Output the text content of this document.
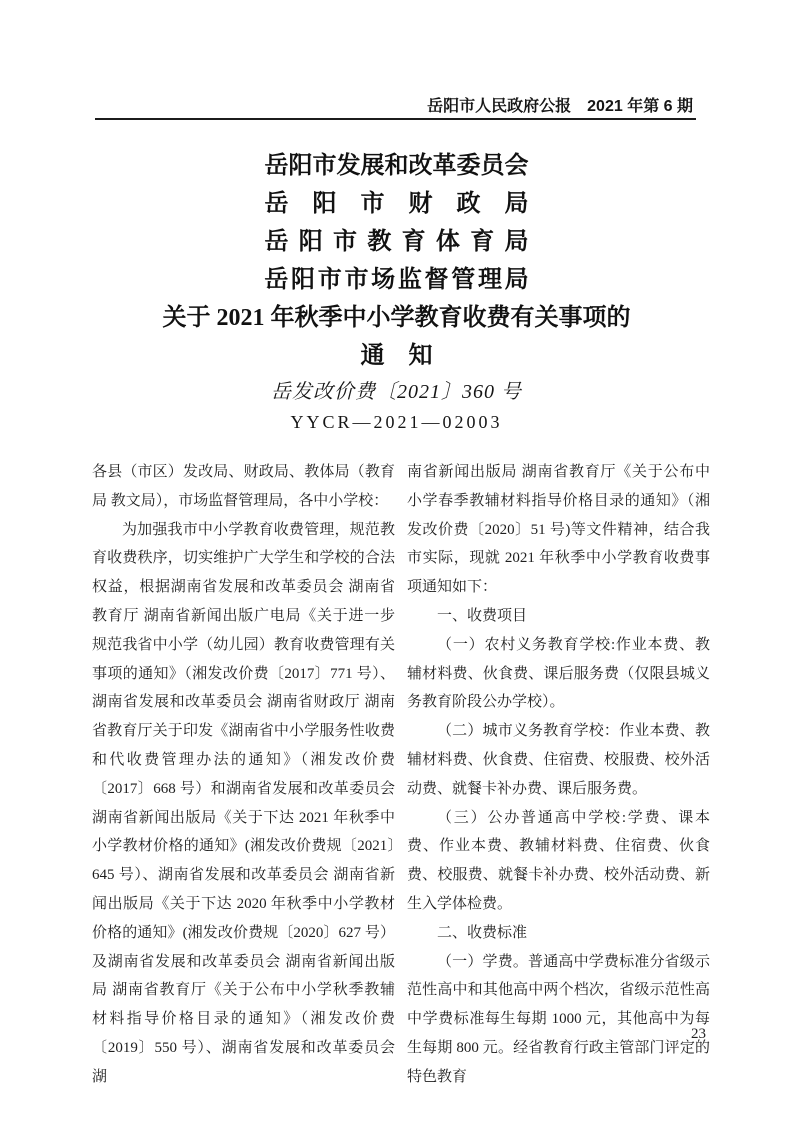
岳阳市人民政府公报　2021 年第 6 期
岳阳市发展和改革委员会
岳阳市财政局
岳阳市教育体育局
岳阳市市场监督管理局
关于 2021 年秋季中小学教育收费有关事项的
通　知
岳发改价费〔2021〕360 号
YYCR—2021—02003

各县（市区）发改局、财政局、教体局（教育局 教文局），市场监督管理局，各中小学校：

为加强我市中小学教育收费管理，规范教育收费秩序，切实维护广大学生和学校的合法权益，根据湖南省发展和改革委员会 湖南省教育厅 湖南省新闻出版广电局《关于进一步规范我省中小学（幼儿园）教育收费管理有关事项的通知》（湘发改价费〔2017〕771 号）、湖南省发展和改革委员会 湖南省财政厅 湖南省教育厅关于印发《湖南省中小学服务性收费和代收费管理办法的通知》（湘发改价费〔2017〕668 号）和湖南省发展和改革委员会 湖南省新闻出版局《关于下达 2021 年秋季中小学教材价格的通知》(湘发改价费规〔2021〕645 号）、湖南省发展和改革委员会 湖南省新闻出版局《关于下达 2020 年秋季中小学教材价格的通知》(湘发改价费规〔2020〕627 号）及湖南省发展和改革委员会 湖南省新闻出版局 湖南省教育厅《关于公布中小学秋季教辅材料指导价格目录的通知》（湘发改价费〔2019〕550 号）、湖南省发展和改革委员会 湖

南省新闻出版局 湖南省教育厅《关于公布中小学春季教辅材料指导价格目录的通知》（湘发改价费〔2020〕51 号)等文件精神，结合我市实际，现就 2021 年秋季中小学教育收费事项通知如下：

一、收费项目

（一）农村义务教育学校:作业本费、教辅材料费、伙食费、课后服务费（仅限县城义务教育阶段公办学校）。

（二）城市义务教育学校：作业本费、教辅材料费、伙食费、住宿费、校服费、校外活动费、就餐卡补办费、课后服务费。

（三）公办普通高中学校:学费、课本费、作业本费、教辅材料费、住宿费、伙食费、校服费、就餐卡补办费、校外活动费、新生入学体检费。

二、收费标准

（一）学费。普通高中学费标准分省级示范性高中和其他高中两个档次，省级示范性高中学费标准每生每期 1000 元，其他高中为每生每期 800 元。经省教育行政主管部门评定的特色教育

23
